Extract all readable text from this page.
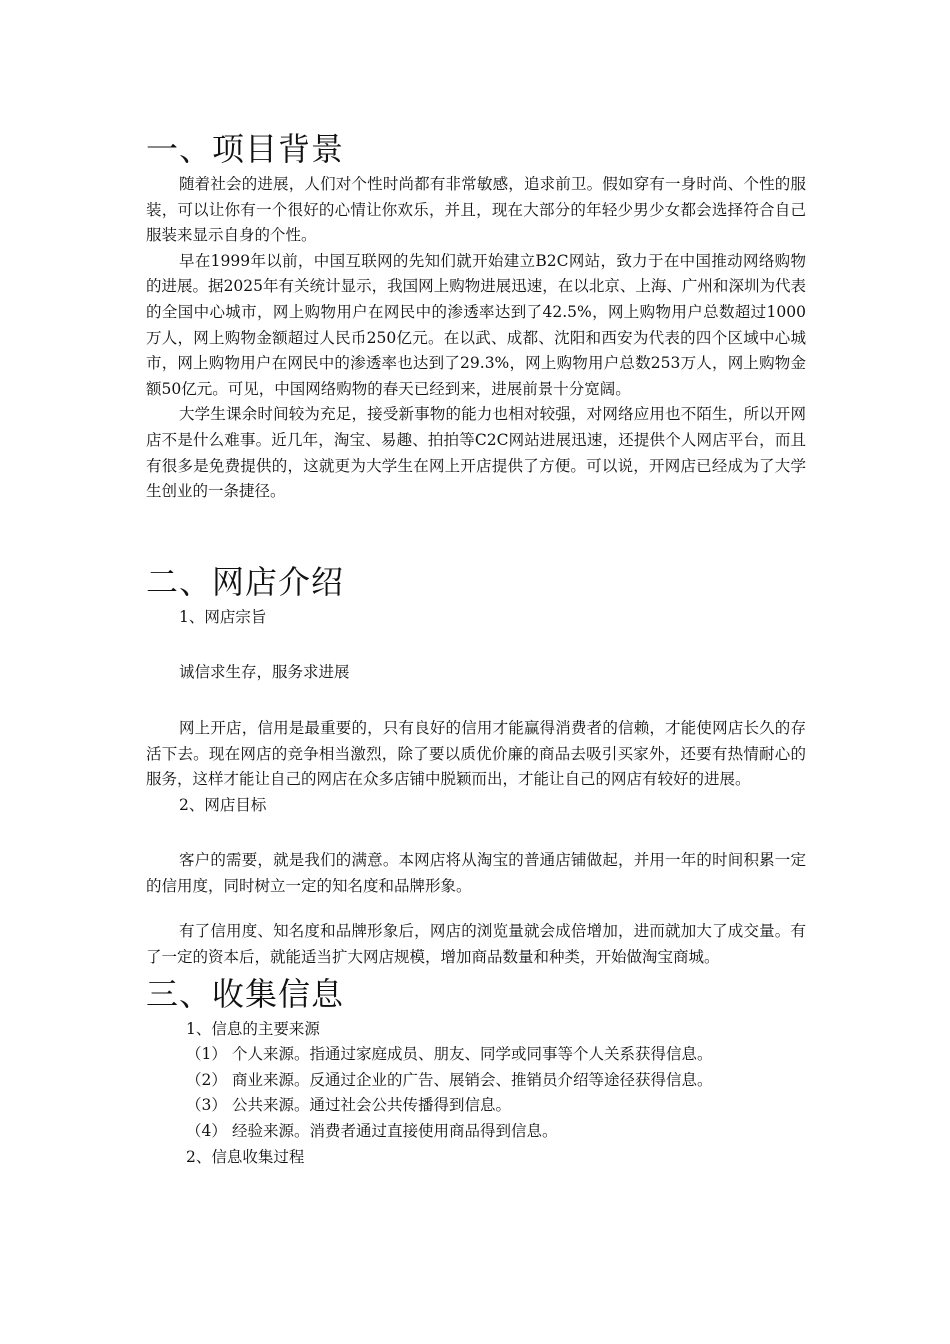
一、项目背景

随着社会的进展，人们对个性时尚都有非常敏感，追求前卫。假如穿有一身时尚、个性的服装，可以让你有一个很好的心情让你欢乐，并且，现在大部分的年轻少男少女都会选择符合自己服装来显示自身的个性。

早在1999年以前，中国互联网的先知们就开始建立B2C网站，致力于在中国推动网络购物的进展。据2025年有关统计显示，我国网上购物进展迅速，在以北京、上海、广州和深圳为代表的全国中心城市，网上购物用户在网民中的渗透率达到了42.5%，网上购物用户总数超过1000万人，网上购物金额超过人民币250亿元。在以武、成都、沈阳和西安为代表的四个区域中心城市，网上购物用户在网民中的渗透率也达到了29.3%，网上购物用户总数253万人，网上购物金额50亿元。可见，中国网络购物的春天已经到来，进展前景十分宽阔。

大学生课余时间较为充足，接受新事物的能力也相对较强，对网络应用也不陌生，所以开网店不是什么难事。近几年，淘宝、易趣、拍拍等C2C网站进展迅速，还提供个人网店平台，而且有很多是免费提供的，这就更为大学生在网上开店提供了方便。可以说，开网店已经成为了大学生创业的一条捷径。

二、网店介绍

1、网店宗旨

诚信求生存，服务求进展

网上开店，信用是最重要的，只有良好的信用才能赢得消费者的信赖，才能使网店长久的存活下去。现在网店的竞争相当激烈，除了要以质优价廉的商品去吸引买家外，还要有热情耐心的服务，这样才能让自己的网店在众多店铺中脱颖而出，才能让自己的网店有较好的进展。

2、网店目标

客户的需要，就是我们的满意。本网店将从淘宝的普通店铺做起，并用一年的时间积累一定的信用度，同时树立一定的知名度和品牌形象。

有了信用度、知名度和品牌形象后，网店的浏览量就会成倍增加，进而就加大了成交量。有了一定的资本后，就能适当扩大网店规模，增加商品数量和种类，开始做淘宝商城。

三、收集信息

1、信息的主要来源

（1） 个人来源。指通过家庭成员、朋友、同学或同事等个人关系获得信息。

（2） 商业来源。反通过企业的广告、展销会、推销员介绍等途径获得信息。

（3） 公共来源。通过社会公共传播得到信息。

（4） 经验来源。消费者通过直接使用商品得到信息。

2、信息收集过程
